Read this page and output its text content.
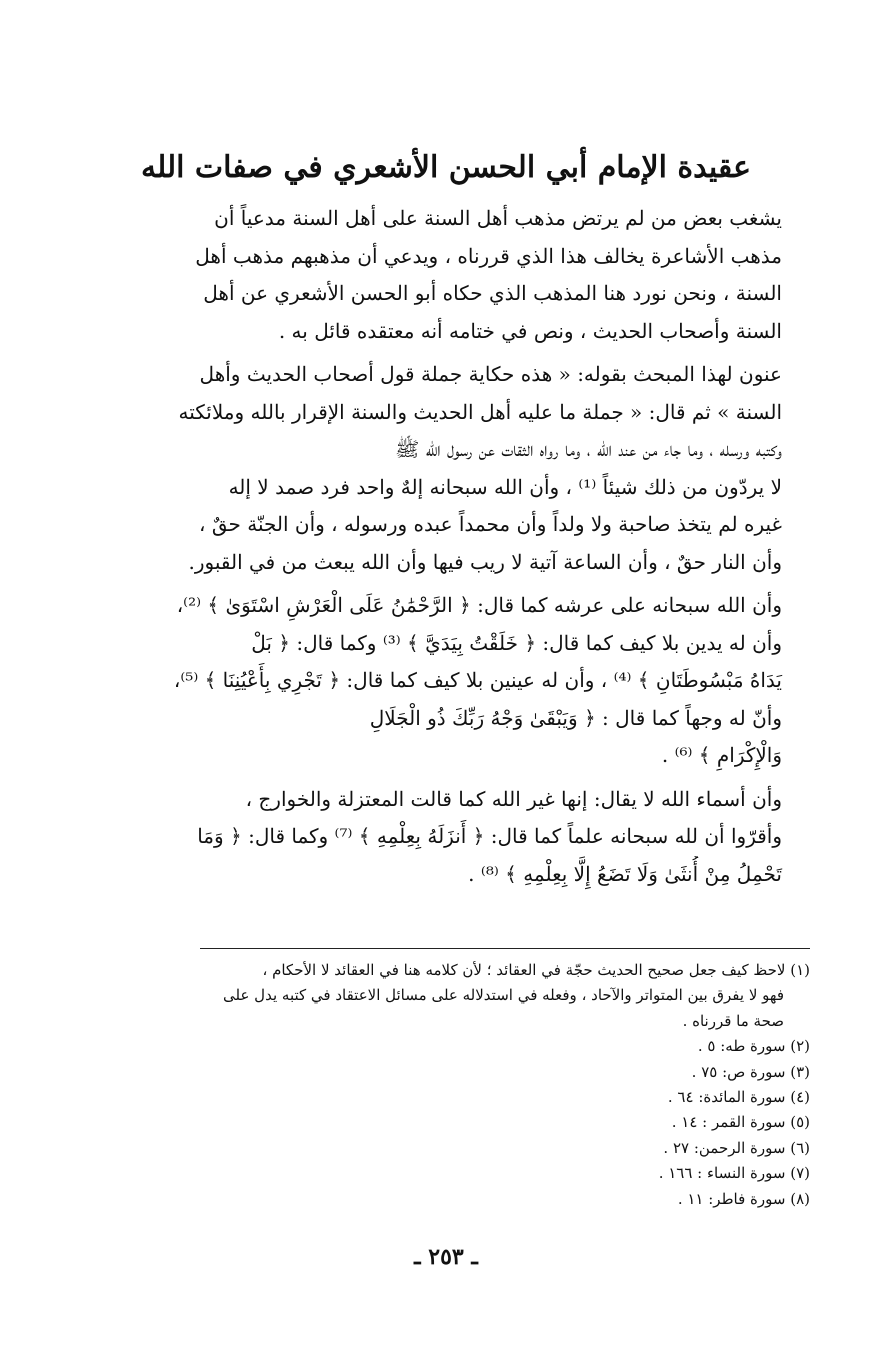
عقيدة الإمام أبي الحسن الأشعري في صفات الله

يشغب بعض من لم يرتض مذهب أهل السنة على أهل السنة مدعياً أن
مذهب الأشاعرة يخالف هذا الذي قررناه ، ويدعي أن مذهبهم مذهب أهل
السنة ، ونحن نورد هنا المذهب الذي حكاه أبو الحسن الأشعري عن أهل
السنة وأصحاب الحديث ، ونص في ختامه أنه معتقده قائل به .

عنون لهذا المبحث بقوله: « هذه حكاية جملة قول أصحاب الحديث وأهل
السنة » ثم قال: « جملة ما عليه أهل الحديث والسنة الإقرار بالله وملائكته
وكتبه ورسله ، وما جاء من عند الله ، وما رواه الثقات عن رسول الله ﷺ
لا يردّون من ذلك شيئاً ⁽¹⁾ ، وأن الله سبحانه إلهٌ واحد فرد صمد لا إله
غيره لم يتخذ صاحبة ولا ولداً وأن محمداً عبده ورسوله ، وأن الجنّة حقٌ ،
وأن النار حقٌ ، وأن الساعة آتية لا ريب فيها وأن الله يبعث من في القبور.

وأن الله سبحانه على عرشه كما قال: ﴿ الرَّحْمَٰنُ عَلَى الْعَرْشِ اسْتَوَىٰ ﴾ ⁽²⁾،
وأن له يدين بلا كيف كما قال: ﴿ خَلَقْتُ بِيَدَيَّ ﴾ ⁽³⁾ وكما قال: ﴿ بَلْ
يَدَاهُ مَبْسُوطَتَانِ ﴾ ⁽⁴⁾ ، وأن له عينين بلا كيف كما قال: ﴿ تَجْرِي بِأَعْيُنِنَا ﴾ ⁽⁵⁾،
وأنّ له وجهاً كما قال : ﴿ وَيَبْقَىٰ وَجْهُ رَبِّكَ ذُو الْجَلَالِ
وَالْإِكْرَامِ ﴾ ⁽⁶⁾ .

وأن أسماء الله لا يقال: إنها غير الله كما قالت المعتزلة والخوارج ،
وأقرّوا أن لله سبحانه علماً كما قال: ﴿ أَنزَلَهُ بِعِلْمِهِ ﴾ ⁽⁷⁾ وكما قال: ﴿ وَمَا
تَحْمِلُ مِنْ أُنثَىٰ وَلَا تَضَعُ إِلَّا بِعِلْمِهِ ﴾ ⁽⁸⁾ .

(١) لاحظ كيف جعل صحيح الحديث حجّة في العقائد ؛ لأن كلامه هنا في العقائد لا الأحكام ،
فهو لا يفرق بين المتواتر والآحاد ، وفعله في استدلاله على مسائل الاعتقاد في كتبه يدل على
صحة ما قررناه .
(٢) سورة طه: ٥ .
(٣) سورة ص: ٧٥ .
(٤) سورة المائدة: ٦٤ .
(٥) سورة القمر : ١٤ .
(٦) سورة الرحمن: ٢٧ .
(٧) سورة النساء : ١٦٦ .
(٨) سورة فاطر: ١١ .
ـ ٢٥٣ ـ
